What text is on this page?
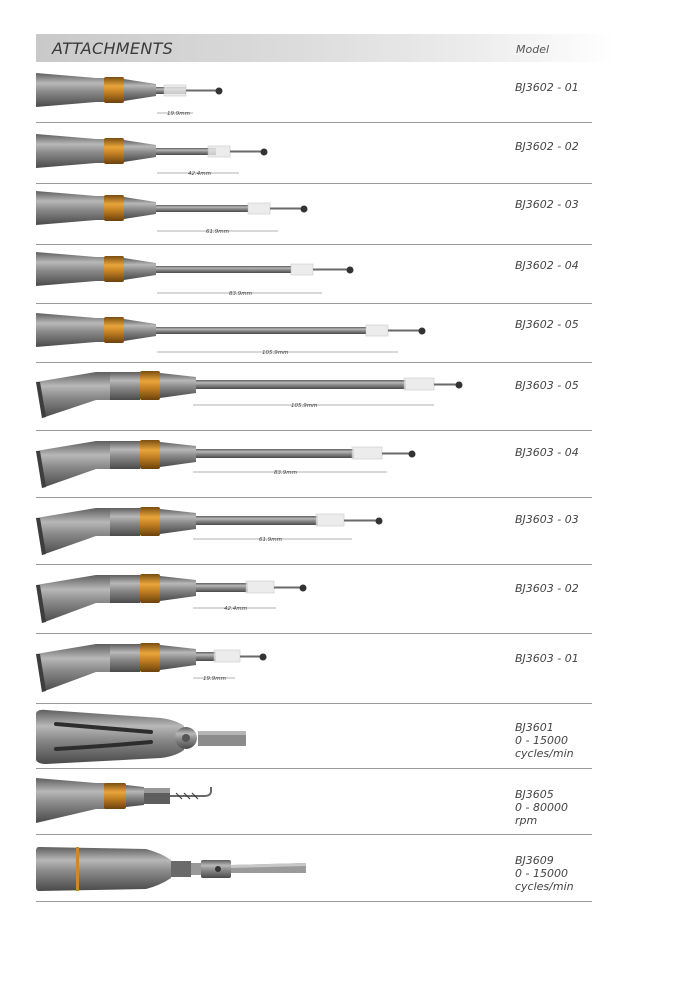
ATTACHMENTS	Model
19.9mm
BJ3602 - 01
42.4mm
BJ3602 - 02
61.9mm
BJ3602 - 03
83.9mm
BJ3602 - 04
105.9mm
BJ3602 - 05
105.9mm
BJ3603 - 05
83.9mm
BJ3603 - 04
61.9mm
BJ3603 - 03
42.4mm
BJ3603 - 02
19.9mm
BJ3603 - 01
BJ3601
0 - 15000
cycles/min
BJ3605
0 - 80000 rpm
BJ3609
0 - 15000
cycles/min
